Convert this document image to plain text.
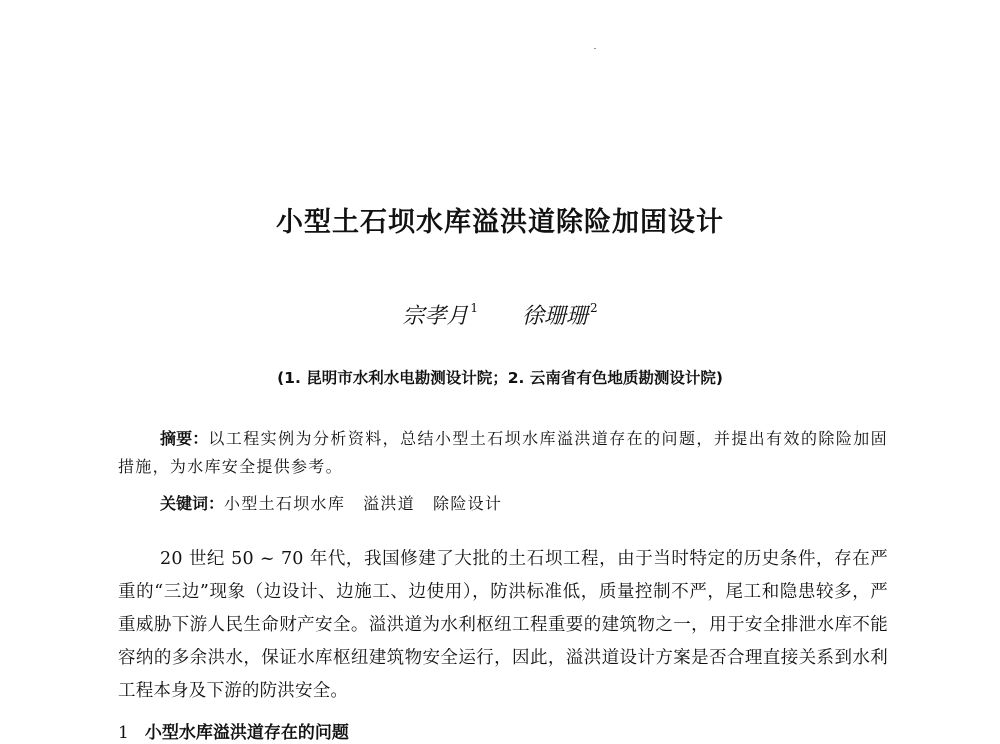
小型土石坝水库溢洪道除险加固设计
宗孝月 $^1$ 徐珊珊 $^2$
(1. 昆明市水利水电勘测设计院；2. 云南省有色地质勘测设计院)
摘要：以工程实例为分析资料，总结小型土石坝水库溢洪道存在的问题，并提出有效的除险加固措施，为水库安全提供参考。
关键词：小型土石坝水库 溢洪道 除险设计
20 世纪 50 ~ 70 年代，我国修建了大批的土石坝工程，由于当时特定的历史条件，存在严重的“三边”现象（边设计、边施工、边使用），防洪标准低，质量控制不严，尾工和隐患较多，严重威胁下游人民生命财产安全。溢洪道为水利枢纽工程重要的建筑物之一，用于安全排泄水库不能容纳的多余洪水，保证水库枢纽建筑物安全运行，因此，溢洪道设计方案是否合理直接关系到水利工程本身及下游的防洪安全。
1 小型水库溢洪道存在的问题
